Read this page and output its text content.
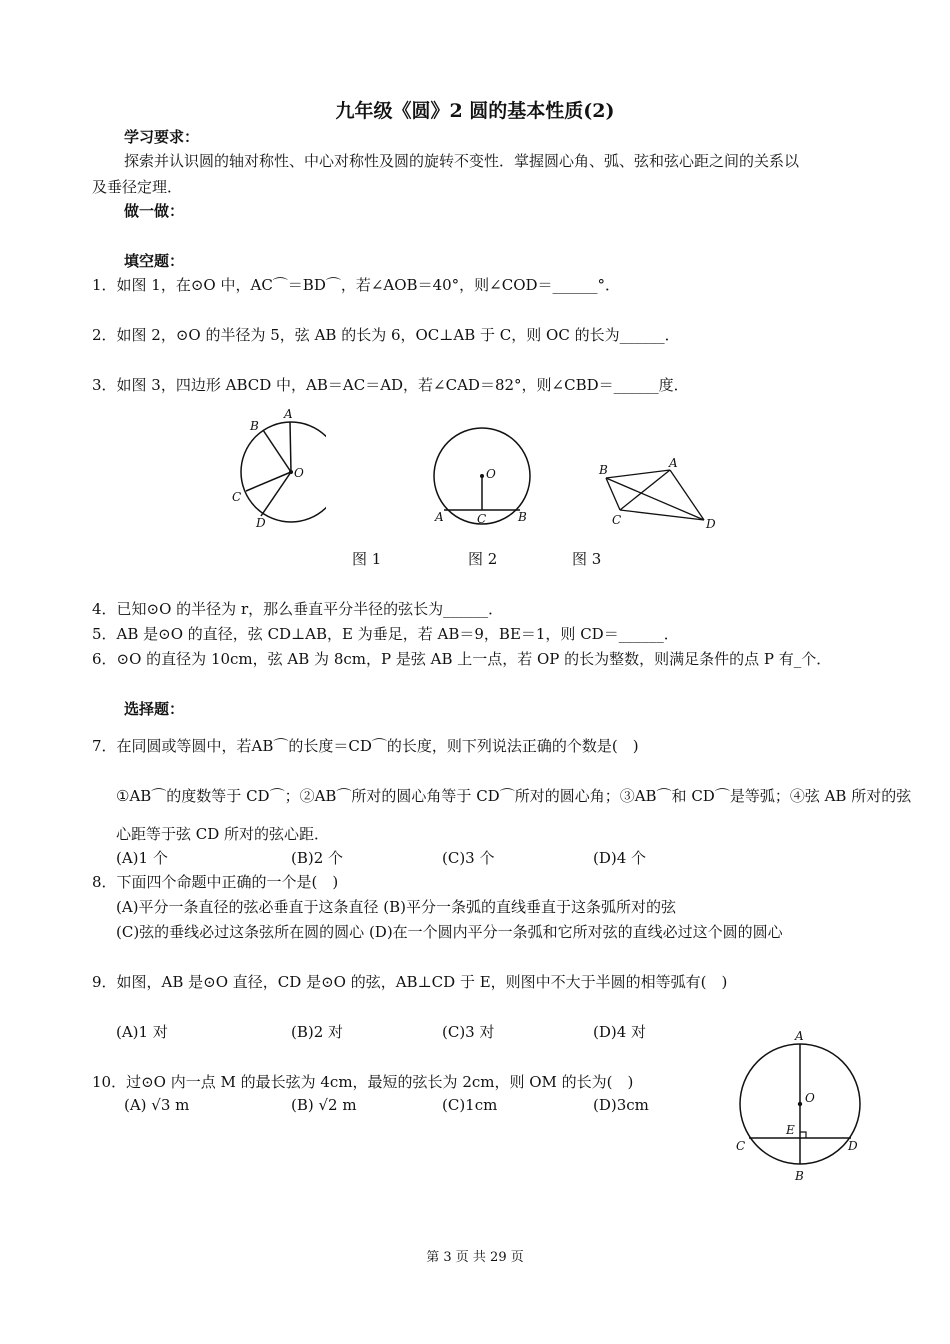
九年级《圆》2 圆的基本性质(2)
学习要求：
探索并认识圆的轴对称性、中心对称性及圆的旋转不变性．掌握圆心角、弧、弦和弦心距之间的关系以
及垂径定理．
做一做：
填空题：
1．如图 1，在⊙O 中，AC⌒＝BD⌒，若∠AOB＝40°，则∠COD＝______°．
2．如图 2，⊙O 的半径为 5，弦 AB 的长为 6，OC⊥AB 于 C，则 OC 的长为______．
3．如图 3，四边形 ABCD 中，AB＝AC＝AD，若∠CAD＝82°，则∠CBD＝______度．
A
B
O
C
D
O
A	C	B
B	A
C	D
图 1	图 2	图 3
4．已知⊙O 的半径为 r，那么垂直平分半径的弦长为______．
5．AB 是⊙O 的直径，弦 CD⊥AB，E 为垂足，若 AB＝9，BE＝1，则 CD＝______．
6．⊙O 的直径为 10cm，弦 AB 为 8cm，P 是弦 AB 上一点，若 OP 的长为整数，则满足条件的点 P 有_个．
选择题：
7．在同圆或等圆中，若AB⌒的长度＝CD⌒的长度，则下列说法正确的个数是(　)
①AB⌒的度数等于 CD⌒；②AB⌒所对的圆心角等于 CD⌒所对的圆心角；③AB⌒和 CD⌒是等弧；④弦 AB 所对的弦
心距等于弦 CD 所对的弦心距．
(A)1 个	(B)2 个	(C)3 个	(D)4 个
8．下面四个命题中正确的一个是(　)
(A)平分一条直径的弦必垂直于这条直径 (B)平分一条弧的直线垂直于这条弧所对的弦
(C)弦的垂线必过这条弦所在圆的圆心 (D)在一个圆内平分一条弧和它所对弦的直线必过这个圆的圆心
9．如图，AB 是⊙O 直径，CD 是⊙O 的弦，AB⊥CD 于 E，则图中不大于半圆的相等弧有(　)
(A)1 对	(B)2 对	(C)3 对	(D)4 对
10．过⊙O 内一点 M 的最长弦为 4cm，最短的弦长为 2cm，则 OM 的长为(　)
(A) √3 m	(B) √2 m	(C)1cm	(D)3cm
A
O
E
C	D
B
第 3 页 共 29 页
